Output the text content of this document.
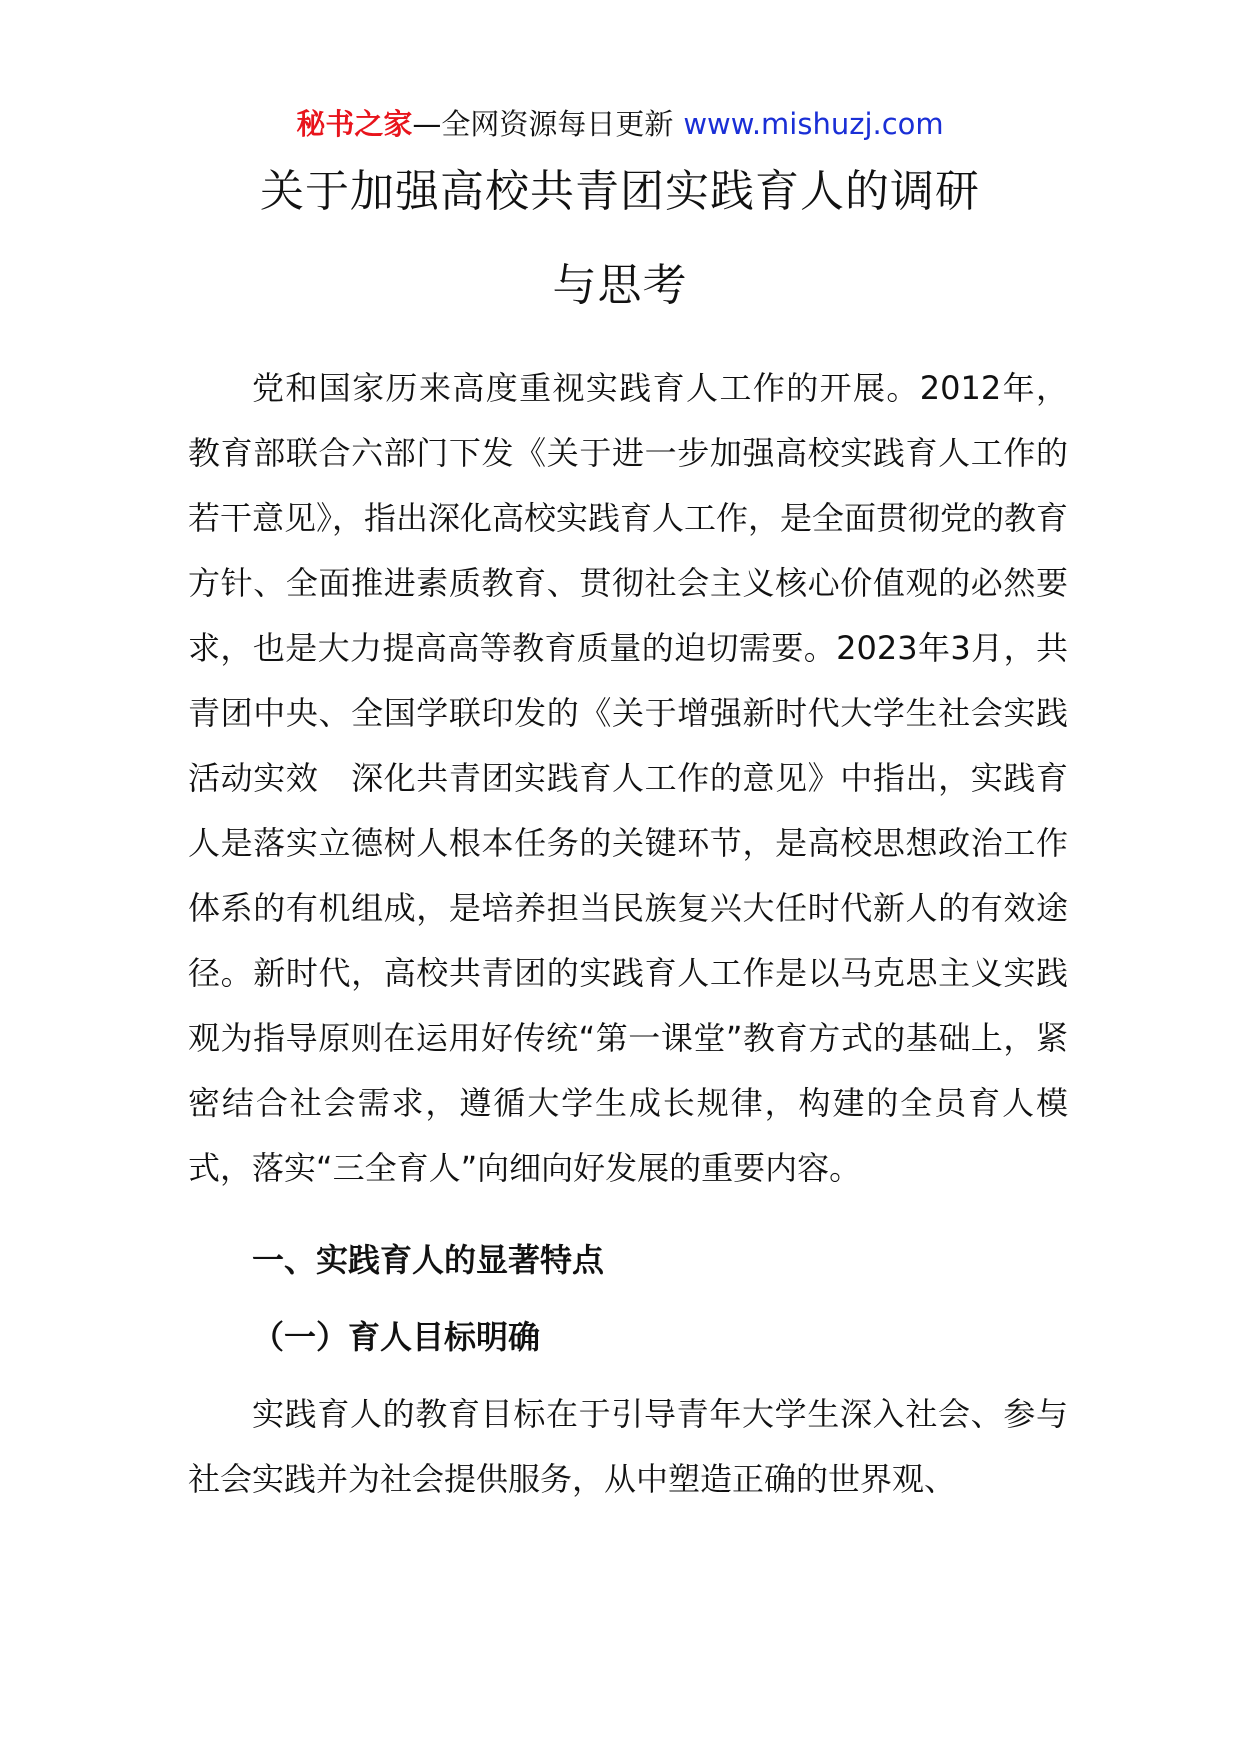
秘书之家—全网资源每日更新 www.mishuzj.com
关于加强高校共青团实践育人的调研
与思考

党和国家历来高度重视实践育人工作的开展。2012年，教育部联合六部门下发《关于进一步加强高校实践育人工作的若干意见》，指出深化高校实践育人工作，是全面贯彻党的教育方针、全面推进素质教育、贯彻社会主义核心价值观的必然要求，也是大力提高高等教育质量的迫切需要。2023年3月，共青团中央、全国学联印发的《关于增强新时代大学生社会实践活动实效　深化共青团实践育人工作的意见》中指出，实践育人是落实立德树人根本任务的关键环节，是高校思想政治工作体系的有机组成，是培养担当民族复兴大任时代新人的有效途径。新时代，高校共青团的实践育人工作是以马克思主义实践观为指导原则在运用好传统“第一课堂”教育方式的基础上，紧密结合社会需求，遵循大学生成长规律，构建的全员育人模式，落实“三全育人”向细向好发展的重要内容。

一、实践育人的显著特点
（一）育人目标明确

实践育人的教育目标在于引导青年大学生深入社会、参与社会实践并为社会提供服务，从中塑造正确的世界观、
